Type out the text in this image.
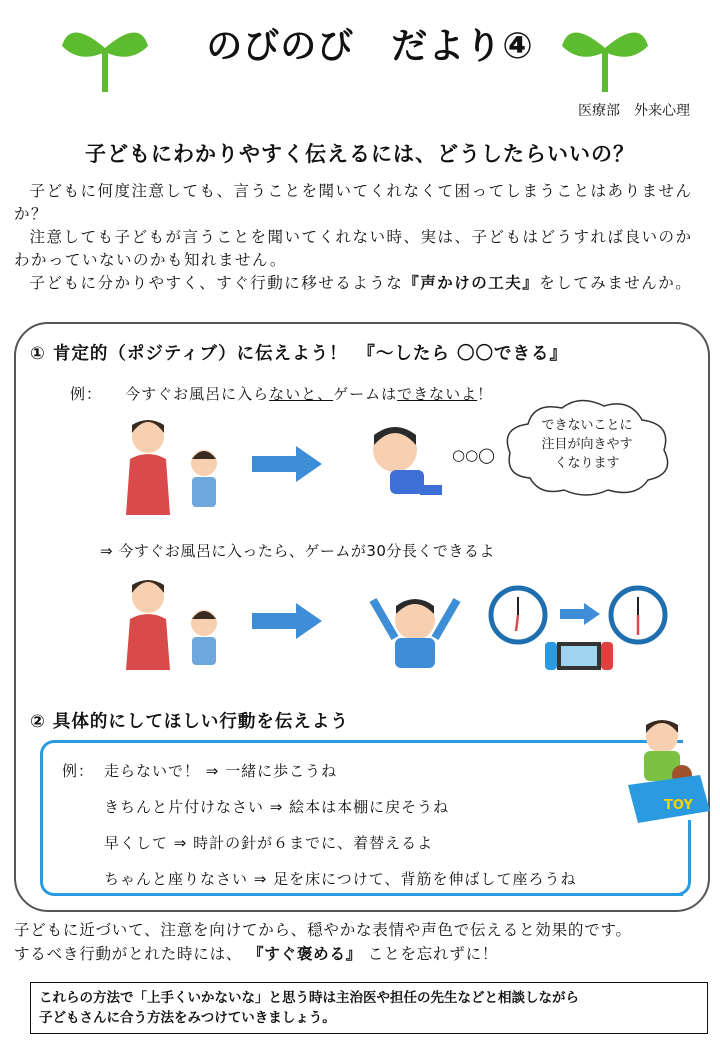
のびのび　だより④
医療部　外来心理
子どもにわかりやすく伝えるには、どうしたらいいの？

子どもに何度注意しても、言うことを聞いてくれなくて困ってしまうことはありませんか？

注意しても子どもが言うことを聞いてくれない時、実は、子どもはどうすれば良いのかわかっていないのかも知れません。

子どもに分かりやすく、すぐ行動に移せるような『声かけの工夫』をしてみませんか。

① 肯定的（ポジティブ）に伝えよう！　『～したら 〇〇できる』
例： 今すぐお風呂に入らないと、ゲームはできないよ！
○○◯
できないことに
注目が向きやす
くなります
⇒ 今すぐお風呂に入ったら、ゲームが30分長くできるよ
② 具体的にしてほしい行動を伝えよう
例： 走らないで！ ⇒ 一緒に歩こうね
きちんと片付けなさい ⇒ 絵本は本棚に戻そうね
早くして ⇒ 時計の針が６までに、着替えるよ
ちゃんと座りなさい ⇒ 足を床につけて、背筋を伸ばして座ろうね
TOY

子どもに近づいて、注意を向けてから、穏やかな表情や声色で伝えると効果的です。

するべき行動がとれた時には、 『すぐ褒める』 ことを忘れずに！

これらの方法で「上手くいかないな」と思う時は主治医や担任の先生などと相談しながら

子どもさんに合う方法をみつけていきましょう。
